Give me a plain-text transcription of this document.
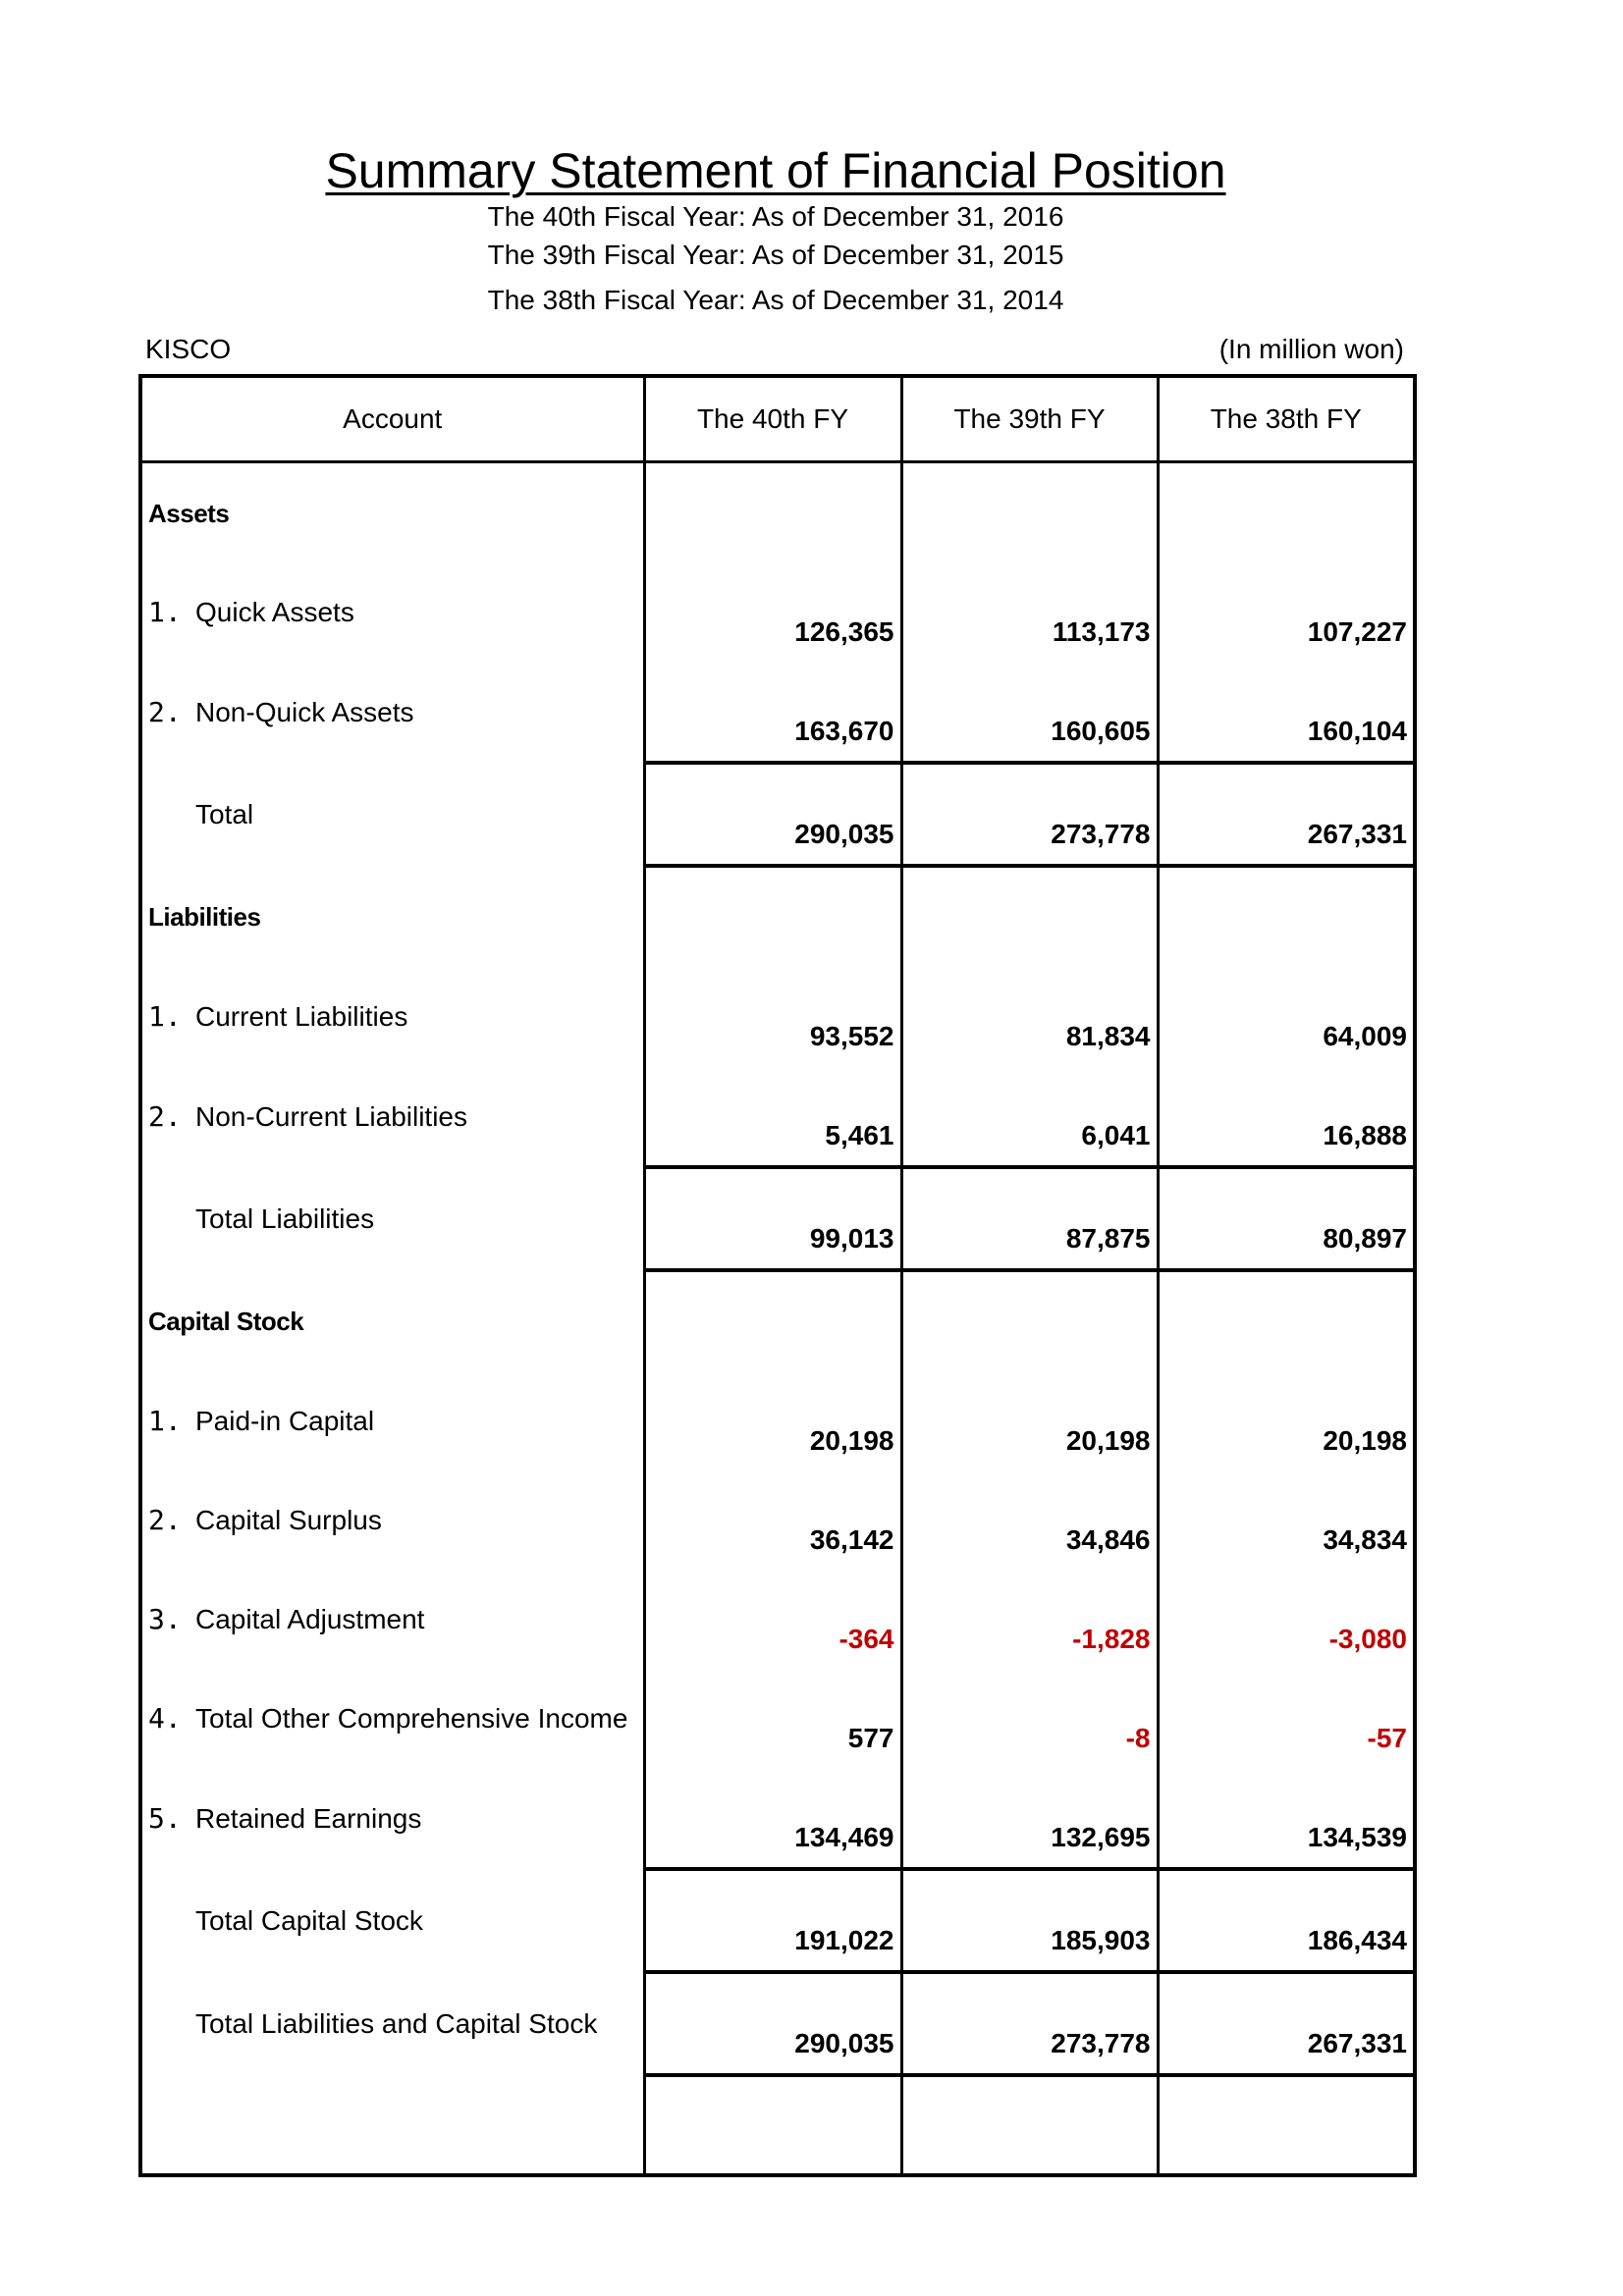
Summary Statement of Financial Position
The 40th Fiscal Year: As of December 31, 2016
The 39th Fiscal Year: As of December 31, 2015
The 38th Fiscal Year: As of December 31, 2014
KISCO	(In million won)
Account	The 40th FY	The 39th FY	The 38th FY
Assets			
1. Quick Assets	126,365	113,173	107,227
2. Non-Quick Assets	163,670	160,605	160,104
Total	290,035	273,778	267,331
Liabilities			
1. Current Liabilities	93,552	81,834	64,009
2. Non-Current Liabilities	5,461	6,041	16,888
Total Liabilities	99,013	87,875	80,897
Capital Stock			
1. Paid-in Capital	20,198	20,198	20,198
2. Capital Surplus	36,142	34,846	34,834
3. Capital Adjustment	-364	-1,828	-3,080
4. Total Other Comprehensive Income	577	-8	-57
5. Retained Earnings	134,469	132,695	134,539
Total Capital Stock	191,022	185,903	186,434
Total Liabilities and Capital Stock	290,035	273,778	267,331
